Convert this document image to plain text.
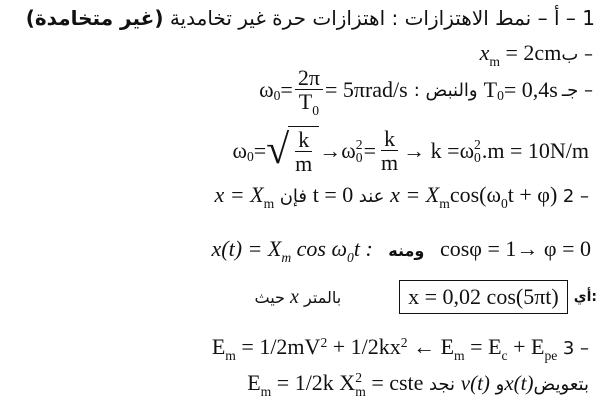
1 – أ – نمط الاهتزازات : اهتزازات حرة غير تخامدية (غير متخامدة)
$x_m$ = 2cmب –
ω $0 = \frac{2\pi}{T_0} = 5\pi rad/s$ : والنبض T 0 = 0,4s جـ –
ω 0 = √ $\frac{k}{m} \to \omega$ 2
$0 = \frac{k}{m} \to k = \omega$ 2
0 .m = 10N/m
$x = X_m$ فإن t = 0 عند $x = X_m\cos(\omega_0t + \varphi)$ 2 –
$x(t) = X_m$ $\cos \omega_0t$ : ومنه cosφ = 1→ φ = 0
حيث x بالمتر	x = 0,02 cos(5πt)	أي:
$E_m = 1/2mV^2 + 1/2kx^2$ ← $E_m = E_c + E_{pe}$ 3 –
$E_m = 1/2k$ X 2
m = cste نجد v(t) وx(t)بتعويض
